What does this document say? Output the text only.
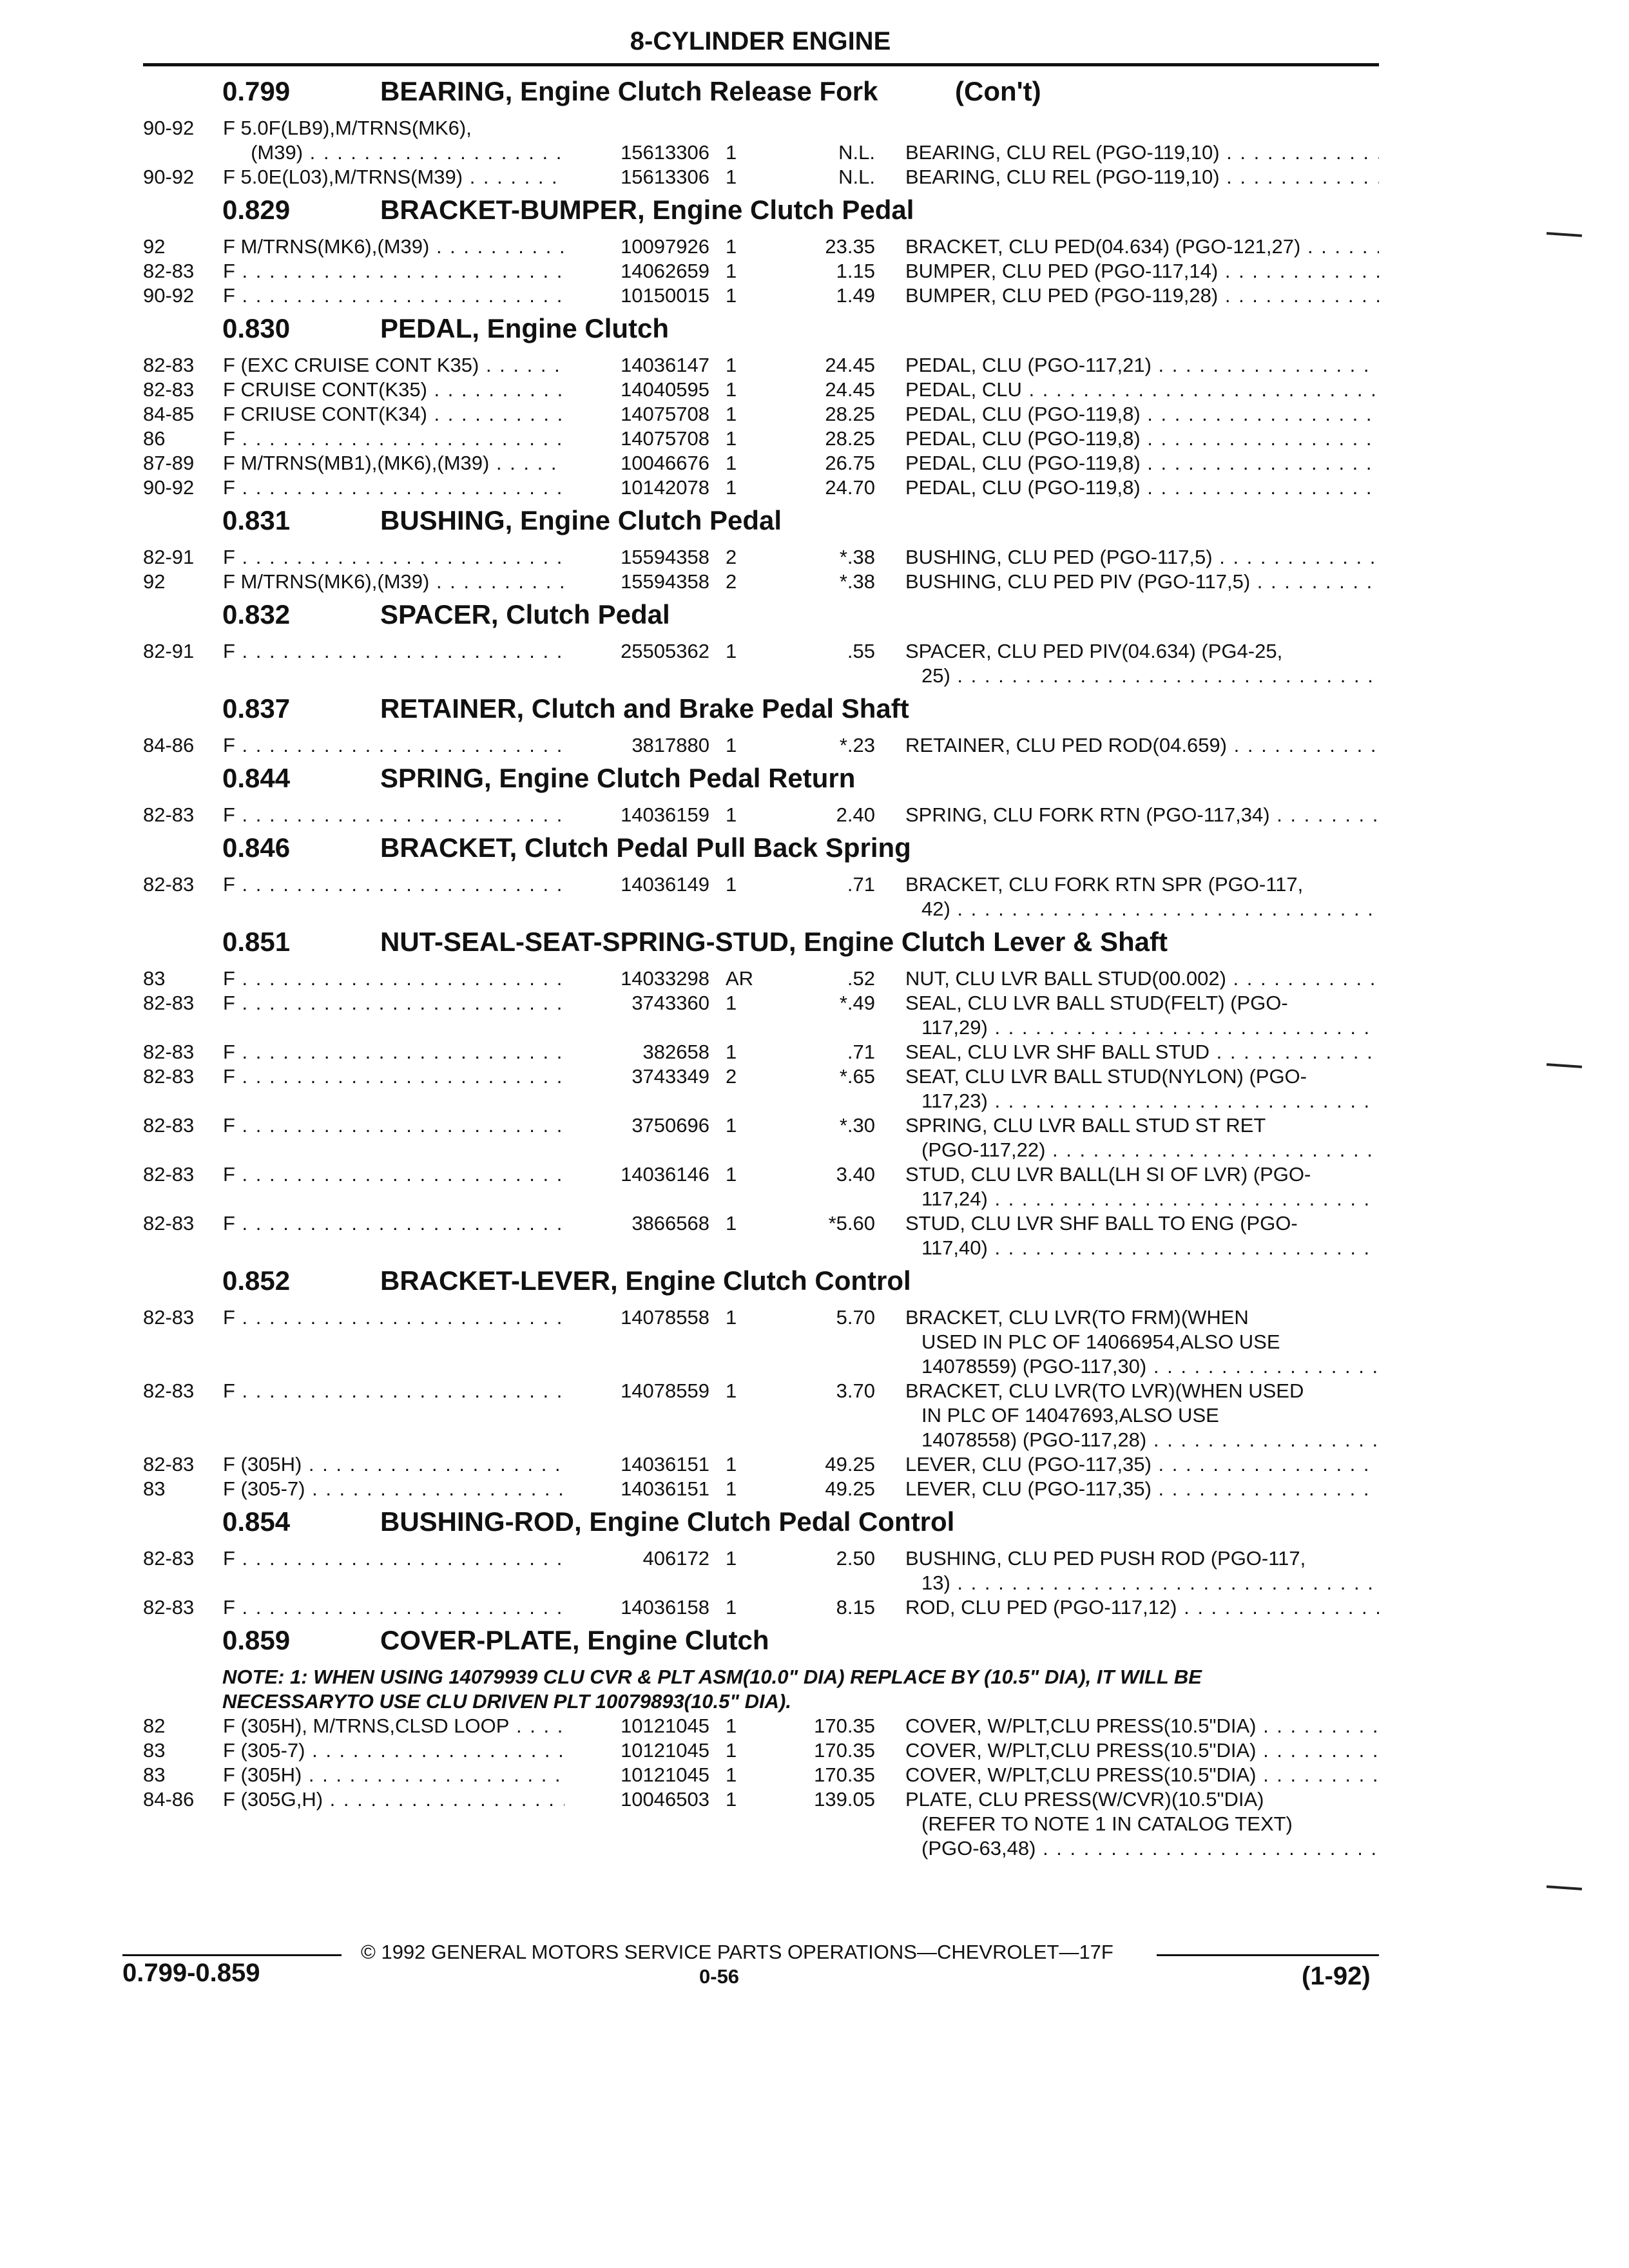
8-CYLINDER ENGINE
0.799	BEARING, Engine Clutch Release Fork	(Con't)
90-92 F 5.0F(LB9),M/TRNS(MK6),
(M39) . . .	15613306 1	N.L. BEARING, CLU REL (PGO-119,10) . . .
90-92 F 5.0E(L03),M/TRNS(M39) . . .	15613306 1	N.L. BEARING, CLU REL (PGO-119,10) . . .
0.829	BRACKET-BUMPER, Engine Clutch Pedal
92	F M/TRNS(MK6),(M39) . . .	10097926 1	23.35 BRACKET, CLU PED(04.634) (PGO-121,27) . . .
82-83 F . . .	14062659 1	1.15 BUMPER, CLU PED (PGO-117,14) . . .
90-92 F . . .	10150015 1	1.49 BUMPER, CLU PED (PGO-119,28) . . .
0.830	PEDAL, Engine Clutch
82-83 F (EXC CRUISE CONT K35) . . .	14036147 1	24.45 PEDAL, CLU (PGO-117,21) . . .
82-83 F CRUISE CONT(K35) . . .	14040595 1	24.45 PEDAL, CLU . . .
84-85 F CRIUSE CONT(K34) . . .	14075708 1	28.25 PEDAL, CLU (PGO-119,8) . . .
86	F . . .	14075708 1	28.25 PEDAL, CLU (PGO-119,8) . . .
87-89 F M/TRNS(MB1),(MK6),(M39) . . .	10046676 1	26.75 PEDAL, CLU (PGO-119,8) . . .
90-92 F . . .	10142078 1	24.70 PEDAL, CLU (PGO-119,8) . . .
0.831	BUSHING, Engine Clutch Pedal
82-91 F . . .	15594358 2	*.38 BUSHING, CLU PED (PGO-117,5) . . .
92	F M/TRNS(MK6),(M39) . . .	15594358 2	*.38 BUSHING, CLU PED PIV (PGO-117,5) . . .
0.832	SPACER, Clutch Pedal
82-91 F . . .	25505362 1	.55 SPACER, CLU PED PIV(04.634) (PG4-25,
25) . . .
0.837	RETAINER, Clutch and Brake Pedal Shaft
84-86 F . . .	3817880 1	*.23 RETAINER, CLU PED ROD(04.659) . . .
0.844	SPRING, Engine Clutch Pedal Return
82-83 F . . .	14036159 1	2.40 SPRING, CLU FORK RTN (PGO-117,34) . . .
0.846	BRACKET, Clutch Pedal Pull Back Spring
82-83 F . . .	14036149 1	.71 BRACKET, CLU FORK RTN SPR (PGO-117,
42) . . .
0.851	NUT-SEAL-SEAT-SPRING-STUD, Engine Clutch Lever & Shaft
83	F . . .	14033298 AR	.52 NUT, CLU LVR BALL STUD(00.002) . . .
82-83 F . . .	3743360 1	*.49 SEAL, CLU LVR BALL STUD(FELT) (PGO-
117,29) . . .
82-83 F . . .	382658 1	.71 SEAL, CLU LVR SHF BALL STUD . . .
82-83 F . . .	3743349 2	*.65 SEAT, CLU LVR BALL STUD(NYLON) (PGO-
117,23) . . .
82-83 F . . .	3750696 1	*.30 SPRING, CLU LVR BALL STUD ST RET
(PGO-117,22) . . .
82-83 F . . .	14036146 1	3.40 STUD, CLU LVR BALL(LH SI OF LVR) (PGO-
117,24) . . .
82-83 F . . .	3866568 1	*5.60 STUD, CLU LVR SHF BALL TO ENG (PGO-
117,40) . . .
0.852	BRACKET-LEVER, Engine Clutch Control
82-83 F . . .	14078558 1	5.70 BRACKET, CLU LVR(TO FRM)(WHEN
USED IN PLC OF 14066954,ALSO USE
14078559) (PGO-117,30) . . .
82-83 F . . .	14078559 1	3.70 BRACKET, CLU LVR(TO LVR)(WHEN USED
IN PLC OF 14047693,ALSO USE
14078558) (PGO-117,28) . . .
82-83 F (305H) . . .	14036151 1	49.25 LEVER, CLU (PGO-117,35) . . .
83	F (305-7) . . .	14036151 1	49.25 LEVER, CLU (PGO-117,35) . . .
0.854	BUSHING-ROD, Engine Clutch Pedal Control
82-83 F . . .	406172 1	2.50 BUSHING, CLU PED PUSH ROD (PGO-117,
13) . . .
82-83 F . . .	14036158 1	8.15 ROD, CLU PED (PGO-117,12) . . .
0.859	COVER-PLATE, Engine Clutch
NOTE: 1: WHEN USING 14079939 CLU CVR & PLT ASM(10.0" DIA) REPLACE BY (10.5" DIA), IT WILL BE
NECESSARYTO USE CLU DRIVEN PLT 10079893(10.5" DIA).
82	F (305H), M/TRNS,CLSD LOOP . . .	10121045 1	170.35 COVER, W/PLT,CLU PRESS(10.5"DIA) . . .
83	F (305-7) . . .	10121045 1	170.35 COVER, W/PLT,CLU PRESS(10.5"DIA) . . .
83	F (305H) . . .	10121045 1	170.35 COVER, W/PLT,CLU PRESS(10.5"DIA) . . .
84-86 F (305G,H) . . .	10046503 1	139.05 PLATE, CLU PRESS(W/CVR)(10.5"DIA)
(REFER TO NOTE 1 IN CATALOG TEXT)
(PGO-63,48) . . .
© 1992 GENERAL MOTORS SERVICE PARTS OPERATIONS—CHEVROLET—17F
0.799-0.859	0-56	(1-92)
